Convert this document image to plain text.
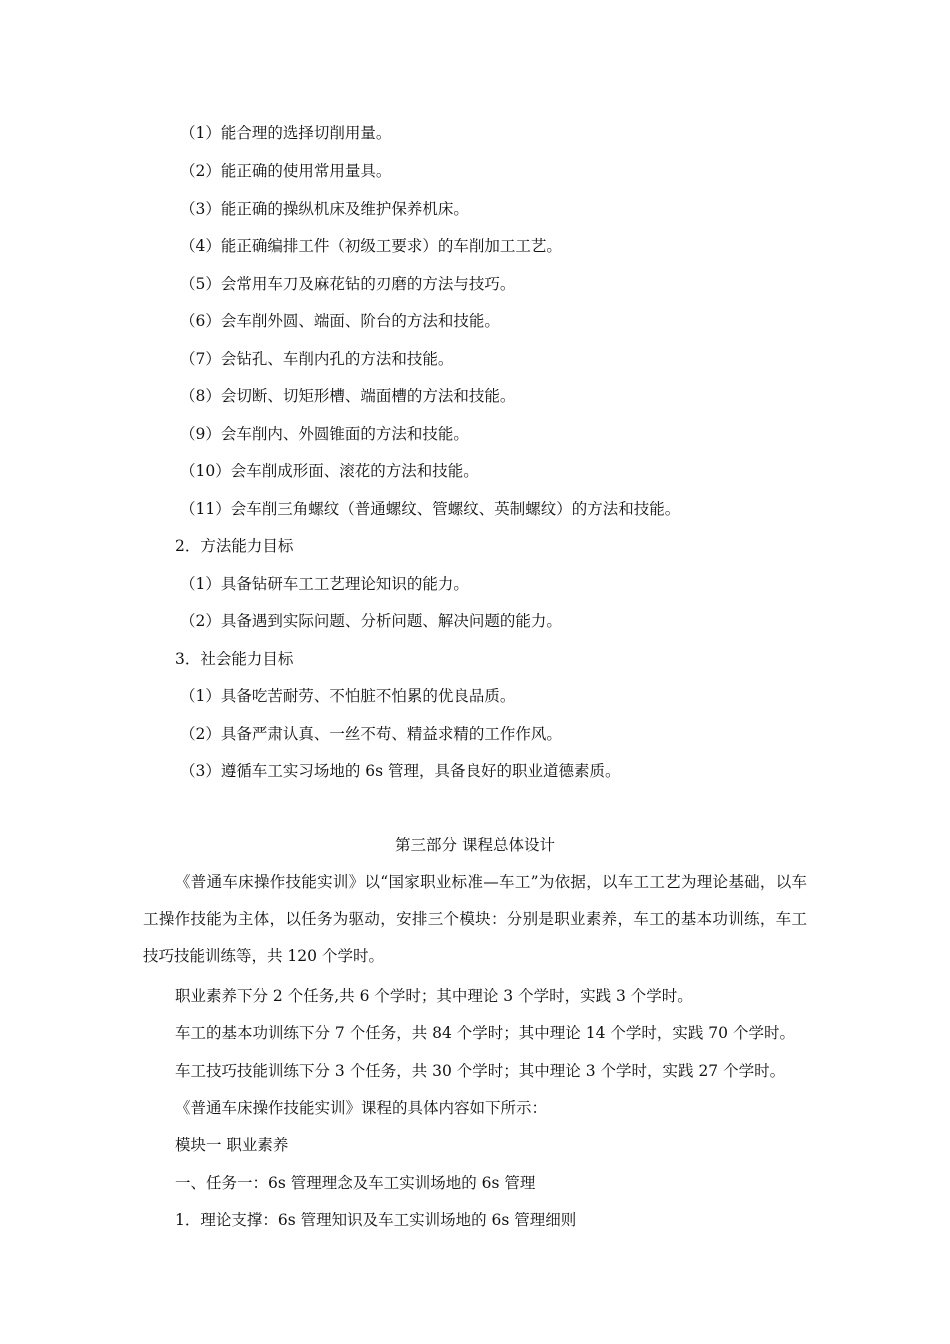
（1）能合理的选择切削用量。
（2）能正确的使用常用量具。
（3）能正确的操纵机床及维护保养机床。
（4）能正确编排工件（初级工要求）的车削加工工艺。
（5）会常用车刀及麻花钻的刃磨的方法与技巧。
（6）会车削外圆、端面、阶台的方法和技能。
（7）会钻孔、车削内孔的方法和技能。
（8）会切断、切矩形槽、端面槽的方法和技能。
（9）会车削内、外圆锥面的方法和技能。
（10）会车削成形面、滚花的方法和技能。
（11）会车削三角螺纹（普通螺纹、管螺纹、英制螺纹）的方法和技能。
2．方法能力目标
（1）具备钻研车工工艺理论知识的能力。
（2）具备遇到实际问题、分析问题、解决问题的能力。
3．社会能力目标
（1）具备吃苦耐劳、不怕脏不怕累的优良品质。
（2）具备严肃认真、一丝不苟、精益求精的工作作风。
（3）遵循车工实习场地的 6s 管理，具备良好的职业道德素质。
第三部分 课程总体设计
《普通车床操作技能实训》以“国家职业标准—车工”为依据，以车工工艺为理论基础，以车工操作技能为主体，以任务为驱动，安排三个模块：分别是职业素养，车工的基本功训练，车工技巧技能训练等，共 120 个学时。
职业素养下分 2 个任务,共 6 个学时；其中理论 3 个学时，实践 3 个学时。
车工的基本功训练下分 7 个任务，共 84 个学时；其中理论 14 个学时，实践 70 个学时。
车工技巧技能训练下分 3 个任务，共 30 个学时；其中理论 3 个学时，实践 27 个学时。
《普通车床操作技能实训》课程的具体内容如下所示：
模块一 职业素养
一、任务一：6s 管理理念及车工实训场地的 6s 管理
1．理论支撑：6s 管理知识及车工实训场地的 6s 管理细则
